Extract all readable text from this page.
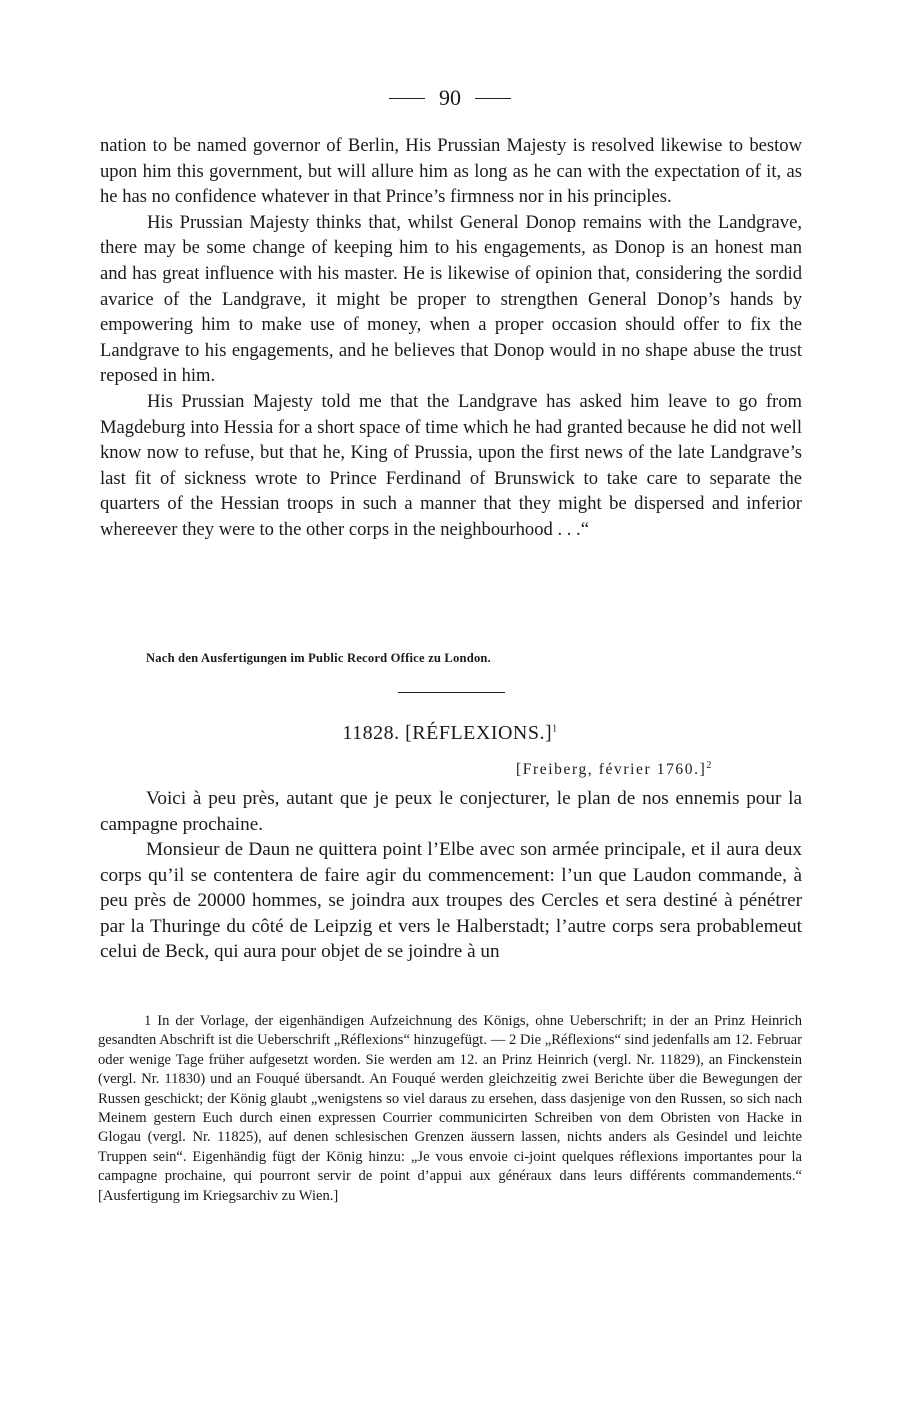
90

nation to be named governor of Berlin, His Prussian Majesty is resolved likewise to bestow upon him this government, but will allure him as long as he can with the expectation of it, as he has no confidence whatever in that Prince’s firmness nor in his principles.

His Prussian Majesty thinks that, whilst General Donop remains with the Landgrave, there may be some change of keeping him to his engagements, as Donop is an honest man and has great influence with his master. He is likewise of opinion that, considering the sordid avarice of the Landgrave, it might be proper to strengthen General Donop’s hands by empowering him to make use of money, when a proper occasion should offer to fix the Landgrave to his engagements, and he believes that Donop would in no shape abuse the trust reposed in him.

His Prussian Majesty told me that the Landgrave has asked him leave to go from Magdeburg into Hessia for a short space of time which he had granted because he did not well know now to refuse, but that he, King of Prussia, upon the first news of the late Landgrave’s last fit of sickness wrote to Prince Ferdinand of Brunswick to take care to separate the quarters of the Hessian troops in such a manner that they might be dispersed and inferior whereever they were to the other corps in the neighbourhood . . .“

Nach den Ausfertigungen im Public Record Office zu London.
11828. [RÉFLEXIONS.]$^1$
[Freiberg, février 1760.]$^2$

Voici à peu près, autant que je peux le conjecturer, le plan de nos ennemis pour la campagne prochaine.

Monsieur de Daun ne quittera point l’Elbe avec son armée principale, et il aura deux corps qu’il se contentera de faire agir du commencement: l’un que Laudon commande, à peu près de 20000 hommes, se joindra aux troupes des Cercles et sera destiné à pénétrer par la Thuringe du côté de Leipzig et vers le Halberstadt; l’autre corps sera probablemeut celui de Beck, qui aura pour objet de se joindre à un

1 In der Vorlage, der eigenhändigen Aufzeichnung des Königs, ohne Ueberschrift; in der an Prinz Heinrich gesandten Abschrift ist die Ueberschrift „Réflexions“ hinzugefügt. — 2 Die „Réflexions“ sind jedenfalls am 12. Februar oder wenige Tage früher aufgesetzt worden. Sie werden am 12. an Prinz Heinrich (vergl. Nr. 11829), an Finckenstein (vergl. Nr. 11830) und an Fouqué übersandt. An Fouqué werden gleichzeitig zwei Berichte über die Bewegungen der Russen geschickt; der König glaubt „wenigstens so viel daraus zu ersehen, dass dasjenige von den Russen, so sich nach Meinem gestern Euch durch einen expressen Courrier communicirten Schreiben von dem Obristen von Hacke in Glogau (vergl. Nr. 11825), auf denen schlesischen Grenzen äussern lassen, nichts anders als Gesindel und leichte Truppen sein“. Eigenhändig fügt der König hinzu: „Je vous envoie ci-joint quelques réflexions importantes pour la campagne prochaine, qui pourront servir de point d’appui aux généraux dans leurs différents commandements.“ [Ausfertigung im Kriegsarchiv zu Wien.]
